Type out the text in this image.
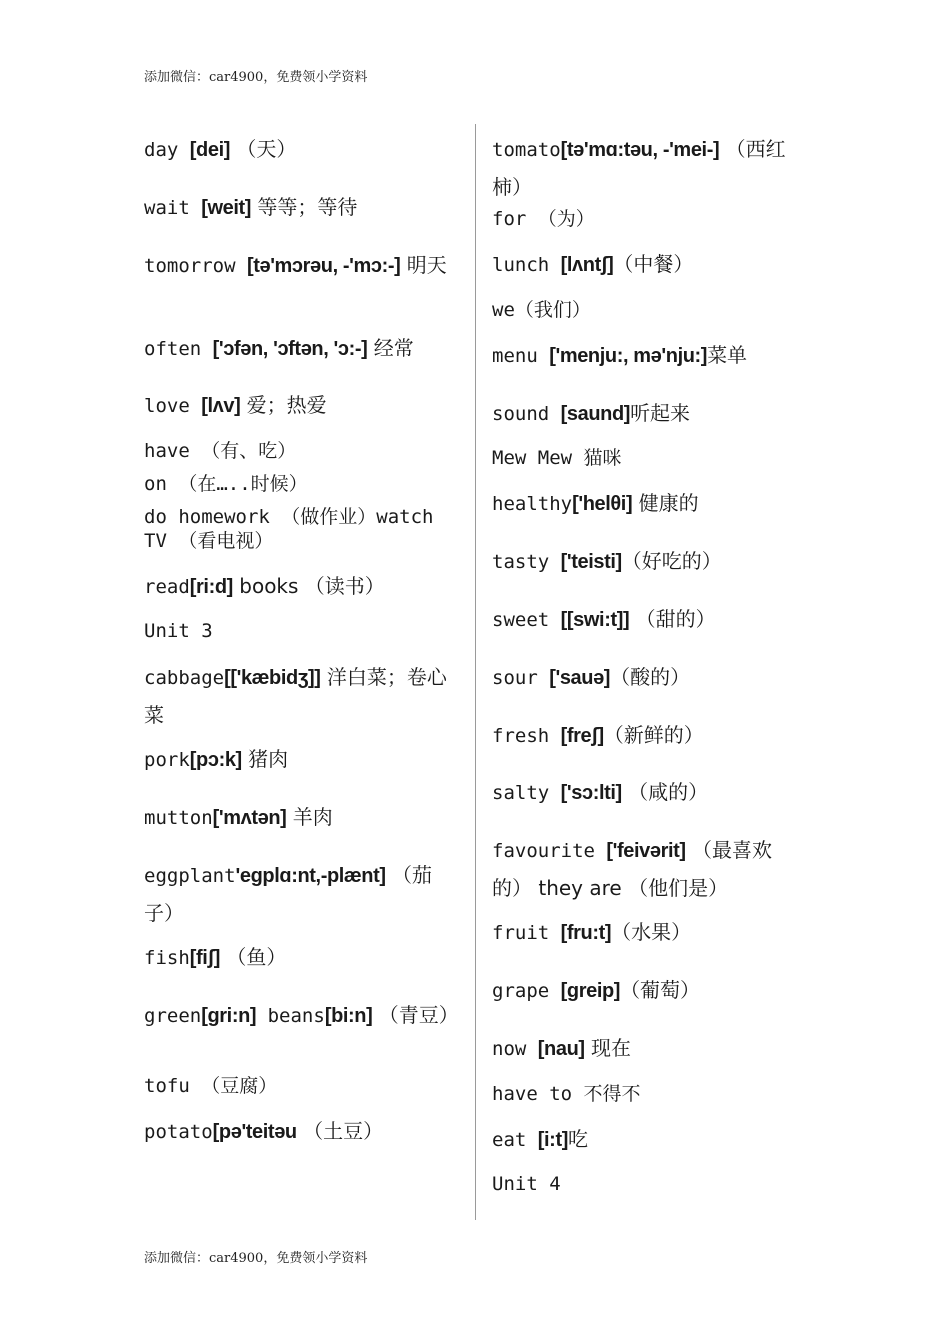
添加微信：car4900，免费领小学资料
添加微信：car4900，免费领小学资料
day [dei] （天）
wait [weit] 等等；等待
tomorrow [tə'mɔrəu, -'mɔ:-] 明天
often ['ɔfən, 'ɔftən, 'ɔ:-] 经常
love [lʌv] 爱；热爱
have （有、吃）
on （在…..时候）
do homework （做作业）watch TV （看电视）
read[ri:d] books （读书）
Unit 3
cabbage[['kæbidʒ]] 洋白菜；卷心菜
pork[pɔ:k] 猪肉
mutton['mʌtən] 羊肉
eggplant'eɡplɑ:nt,-plænt] （茄子）
fish[fiʃ] （鱼）
green[ɡri:n] beans[bi:n] （青豆）
tofu （豆腐）
potato[pə'teitəu （土豆）
tomato[tə'mɑ:təu, -'mei-] （西红柿）
for （为）
lunch [lʌntʃ]（中餐）
we（我们）
menu ['menju:, mə'nju:]菜单
sound [saund]听起来
Mew Mew 猫咪
healthy['helθi] 健康的
tasty ['teisti]（好吃的）
sweet [[swi:t]] （甜的）
sour ['sauə]（酸的）
fresh [freʃ]（新鲜的）
salty ['sɔ:lti] （咸的）
favourite ['feivərit] （最喜欢的） they are （他们是）
fruit [fru:t]（水果）
grape [ɡreip]（葡萄）
now [nau] 现在
have to 不得不
eat [i:t]吃
Unit 4
